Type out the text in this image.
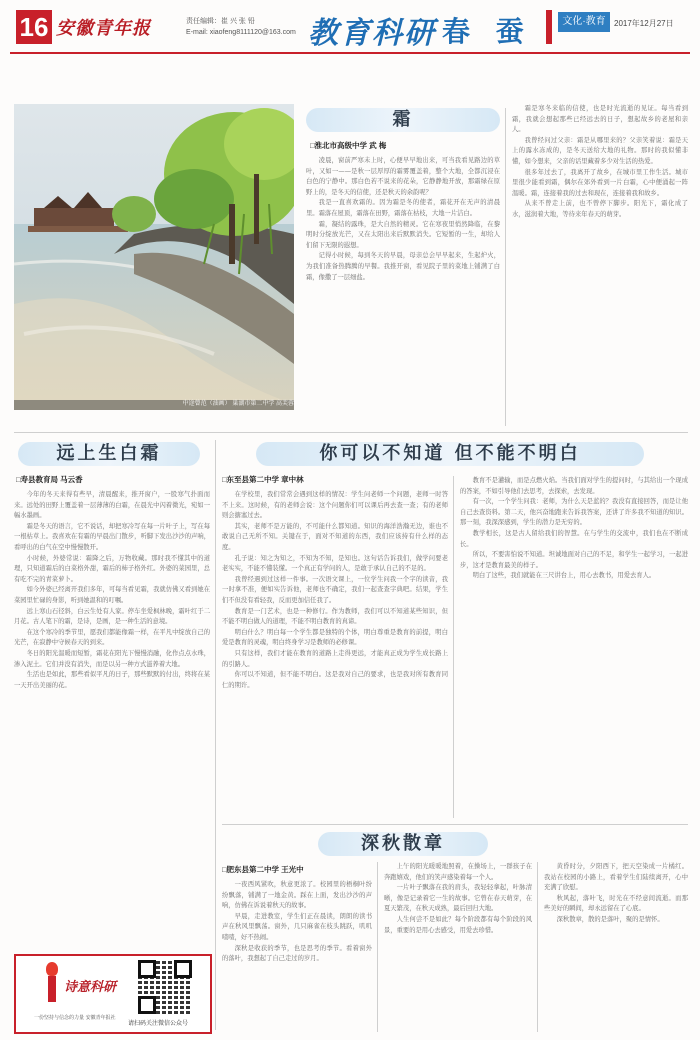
16 安徽青年报	责任编辑：崔 兴 张 铅
E-mail: xiaofeng8111120@163.com 教育科研 春 蚕	文化·教育	2017年12月27日
中途曾范（油画） 巢湖市第二中学 高芙蓉
霜
□淮北市高级中学 武 梅

凌晨，窗前严寒未上时，心便早早地出来，可当我看见路边的草叶，又如一——是秋一层厚厚的霜雾覆盖着，整个大地，全都沉浸在白色的宁静中。那白色若不说来的花朵，它静静地开放，那霜绿在原野上的，是冬天的信使，还是秋天的余韵呢？

我是一直喜欢霜的。因为霜是冬的使者，霜花开在无声的清晨里。霜落在屋顶，霜落在田野，霜落在枯枝，大地一片洁白。

霜，凝结的露珠，是大自然的精灵。它在寒夜里悄然降临，在黎明时分绽放光芒，又在太阳出来后默默消失。它短暂的一生，却给人们留下无限的遐想。

记得小时候，每到冬天的早晨，母亲总会早早起来，生起炉火，为我们准备热腾腾的早餐。我推开窗，看见院子里的菜地上铺满了白霜，像撒了一层细盐。

霜是寒冬来临的信使，也是时光流逝的见证。每当看到霜，我就会想起那些已经远去的日子，想起故乡的老屋和亲人。

我曾经问过父亲：霜是从哪里来的？父亲笑着说：霜是天上的露水冻成的，是冬天送给大地的礼物。那时的我似懂非懂，如今想来，父亲的话里藏着多少对生活的热爱。

很多年过去了，我离开了故乡，在城市里工作生活。城市里很少能看到霜，偶尔在郊外看到一片白霜，心中便涌起一阵温暖。霜，连接着我的过去和现在，连接着我和故乡。

从来不曾走上前，也不曾停下脚步。阳光下，霜化成了水，滋润着大地，等待来年春天的萌芽。

远上生白霜
□寿县教育局 马云香

今年的冬天来得有些早，清晨醒来，推开窗户，一股寒气扑面而来。远处的田野上覆盖着一层薄薄的白霜，在晨光中闪着微光，宛如一幅水墨画。

霜是冬天的语言，它不说话，却把寒冷写在每一片叶子上，写在每一根枯草上。我喜欢在有霜的早晨出门散步，听脚下发出沙沙的声响，看呼出的白气在空中慢慢散开。

小时候，外婆常说：霜降之后，万物收藏。那时我不懂其中的道理，只知道霜后的白菜格外甜，霜后的柿子格外红。外婆的菜园里，总有吃不完的青菜萝卜。

如今外婆已经离开我们多年，可每当看见霜，我就仿佛又看到她在菜园里忙碌的身影，听到她温和的叮嘱。

远上寒山石径斜，白云生处有人家。停车坐爱枫林晚，霜叶红于二月花。古人笔下的霜，是诗，是画，是一种生活的意境。

在这个寒冷的季节里，愿我们都能像霜一样，在平凡中绽放自己的光芒，在寂静中守候春天的到来。

冬日的阳光温暖而短暂，霜花在阳光下慢慢消融，化作点点水珠，渗入泥土。它们并没有消失，而是以另一种方式滋养着大地。

生活也是如此，那些看似平凡的日子，那些默默的付出，终将在某一天开出美丽的花。

你可以不知道 但不能不明白
□东至县第二中学 章中林

在学校里，我们常常会遇到这样的情况：学生问老师一个问题，老师一时答不上来。这时候，有的老师会说：这个问题你们可以课后再去查一查；有的老师则会搪塞过去。

其实，老师不是万能的，不可能什么都知道。知识的海洋浩瀚无边，谁也不敢说自己无所不知。关键在于，面对不知道的东西，我们应该持有什么样的态度。

孔子说：知之为知之，不知为不知，是知也。这句话告诉我们，做学问要老老实实，不能不懂装懂。一个真正有学问的人，是敢于承认自己的不足的。

我曾经遇到过这样一件事。一次语文课上，一位学生问我一个字的读音，我一时拿不准，便如实告诉他，老师也不确定，我们一起查查字典吧。结果，学生们不但没有看轻我，反而更加信任我了。

教育是一门艺术，也是一种修行。作为教师，我们可以不知道某些知识，但不能不明白做人的道理，不能不明白教育的真谛。

明白什么？明白每一个学生都是独特的个体，明白尊重是教育的前提，明白爱是教育的灵魂，明白终身学习是教师的必修课。

只有这样，我们才能在教育的道路上走得更远，才能真正成为学生成长路上的引路人。

你可以不知道，但不能不明白。这是我对自己的要求，也是我对所有教育同仁的期许。

教育不是灌输，而是点燃火焰。当我们面对学生的提问时，与其给出一个现成的答案，不如引导他们去思考，去探索，去发现。

有一次，一个学生问我：老师，为什么天是蓝的？我没有直接回答，而是让他自己去查资料。第二天，他兴奋地跑来告诉我答案，还讲了许多我不知道的知识。那一刻，我深深感到，学生的潜力是无穷的。

教学相长，这是古人留给我们的智慧。在与学生的交流中，我们也在不断成长。

所以，不要害怕说不知道。坦诚地面对自己的不足，和学生一起学习，一起进步，这才是教育最美的样子。

明白了这些，我们就能在三尺讲台上，用心去教书，用爱去育人。

深秋散章
□肥东县第二中学 王光中

一夜西风紧吹，秋意更浓了。校园里的梧桐叶纷纷飘落，铺满了一地金黄。踩在上面，发出沙沙的声响，仿佛在诉说着秋天的故事。

早晨，走进教室，学生们正在晨读，朗朗的读书声在秋风里飘荡。窗外，几只麻雀在枝头跳跃，叽叽喳喳，好不热闹。

深秋是收获的季节，也是思考的季节。看着窗外的落叶，我想起了自己走过的岁月。

上午的阳光暖暖地照着，在操场上，一群孩子在奔跑嬉戏，他们的笑声感染着每一个人。

一片叶子飘落在我的肩头，我轻轻拿起，叶脉清晰，像是记录着它一生的故事。它曾在春天萌芽，在夏天繁茂，在秋天成熟，最后回归大地。

人生何尝不是如此？每个阶段都有每个阶段的风景，重要的是用心去感受，用爱去珍惜。

黄昏时分，夕阳西下，把天空染成一片橘红。我站在校园的小路上，看着学生们陆续离开，心中充满了欣慰。

秋风起，落叶飞，时光在不经意间流逝。而那些美好的瞬间，却永远留在了心底。

深秋散章，散的是落叶，聚的是情怀。

诗意科研
一份坚持与信念的力量 安徽青年报社
请扫码关注微信公众号
